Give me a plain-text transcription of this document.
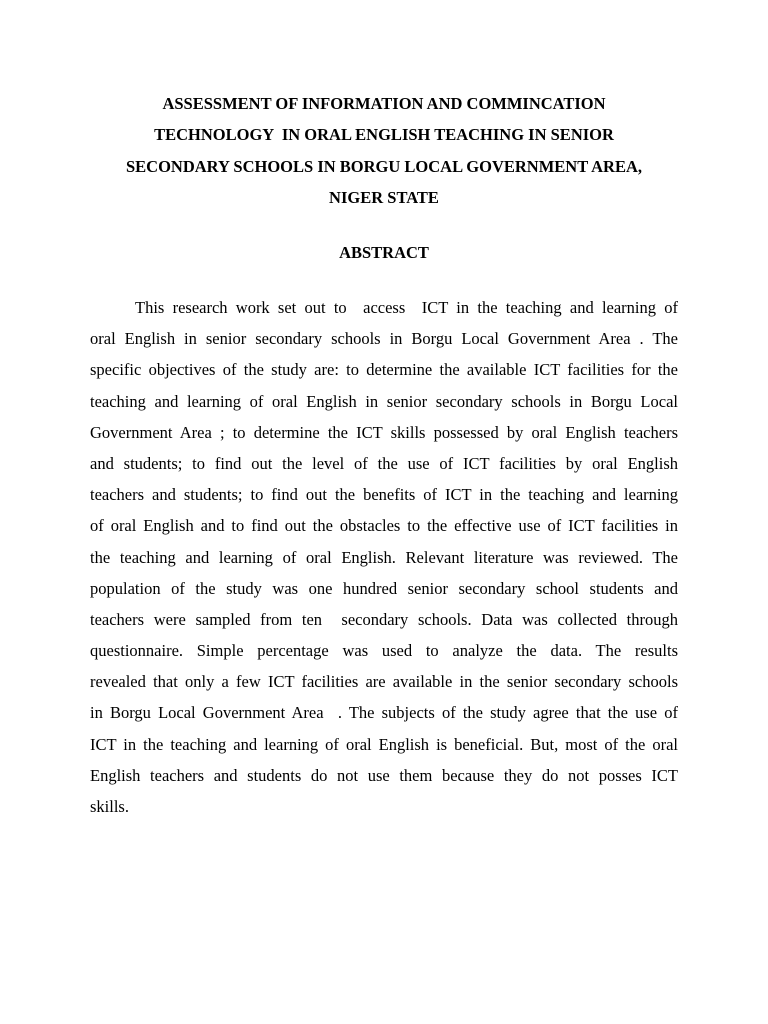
ASSESSMENT OF INFORMATION AND COMMINCATION
TECHNOLOGY  IN ORAL ENGLISH TEACHING IN SENIOR
SECONDARY SCHOOLS IN BORGU LOCAL GOVERNMENT AREA,
NIGER STATE
ABSTRACT
This research work set out to  access  ICT in the teaching and learning of
oral English in senior secondary schools in Borgu Local Government Area . The
specific objectives of the study are: to determine the available ICT facilities for the
teaching and learning of oral English in senior secondary schools in Borgu Local
Government Area ; to determine the ICT skills possessed by oral English teachers
and students; to find out the level of the use of ICT facilities by oral English
teachers and students; to find out the benefits of ICT in the teaching and learning
of oral English and to find out the obstacles to the effective use of ICT facilities in
the teaching and learning of oral English. Relevant literature was reviewed. The
population of the study was one hundred senior secondary school students and
teachers were sampled from ten  secondary schools. Data was collected through
questionnaire. Simple percentage was used to analyze the data. The results
revealed that only a few ICT facilities are available in the senior secondary schools
in Borgu Local Government Area  . The subjects of the study agree that the use of
ICT in the teaching and learning of oral English is beneficial. But, most of the oral
English teachers and students do not use them because they do not posses ICT
skills.
